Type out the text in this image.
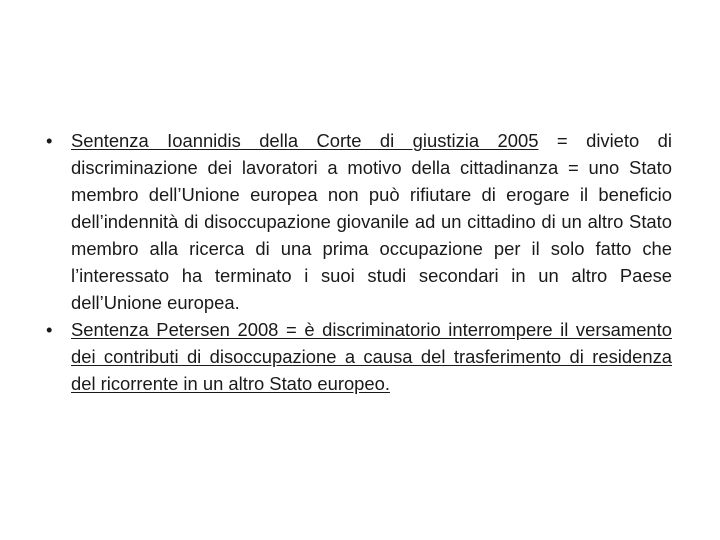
•	Sentenza Ioannidis della Corte di giustizia 2005 = divieto di discriminazione dei lavoratori a motivo della cittadinanza = uno Stato membro dell’Unione europea non può rifiutare di erogare il beneficio dell’indennità di disoccupazione giovanile ad un cittadino di un altro Stato membro alla ricerca di una prima occupazione per il solo fatto che l’interessato ha terminato i suoi studi secondari in un altro Paese dell’Unione europea.
•	Sentenza Petersen 2008 = è discriminatorio interrompere il versamento dei contributi di disoccupazione a causa del trasferimento di residenza del ricorrente in un altro Stato europeo.
